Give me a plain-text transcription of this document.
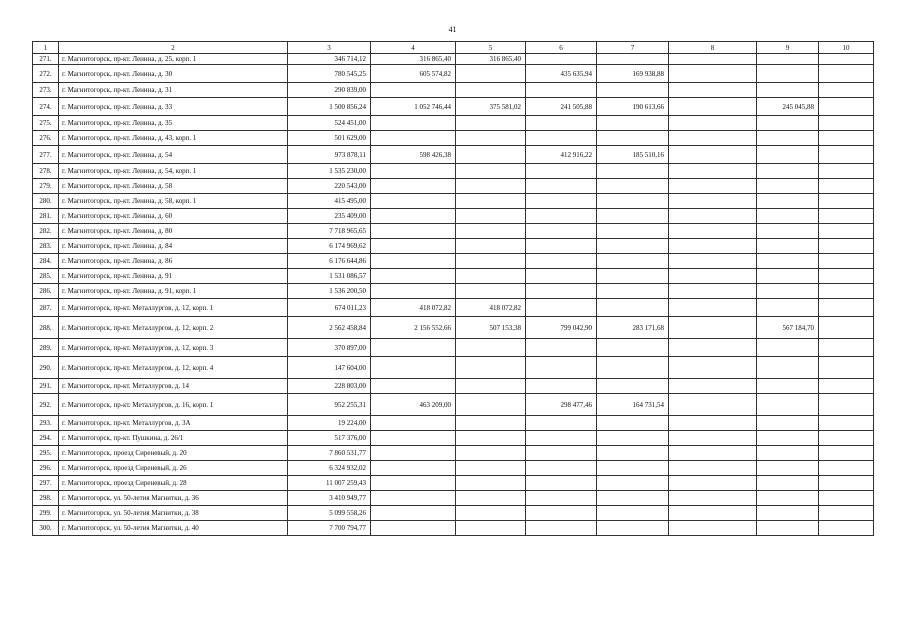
41
1	2	3	4	5	6	7	8	9	10
271.	г. Магнитогорск, пр-кт. Ленина, д. 25, корп. 1	346 714,12	316 865,40	316 865,40					
272.	г. Магнитогорск, пр-кт. Ленина, д. 30	780 545,25	605 574,82		435 635,94	169 938,88			
273.	г. Магнитогорск, пр-кт. Ленина, д. 31	290 839,00							
274.	г. Магнитогорск, пр-кт. Ленина, д. 33	1 500 856,24	1 052 746,44	375 581,02	241 505,88	190 613,66		245 045,88	
275.	г. Магнитогорск, пр-кт. Ленина, д. 35	524 451,00							
276.	г. Магнитогорск, пр-кт. Ленина, д. 43, корп. 1	501 629,00							
277.	г. Магнитогорск, пр-кт. Ленина, д. 54	973 878,11	598 426,38		412 916,22	185 510,16			
278.	г. Магнитогорск, пр-кт. Ленина, д. 54, корп. 1	1 535 230,00							
279.	г. Магнитогорск, пр-кт. Ленина, д. 58	220 543,00							
280.	г. Магнитогорск, пр-кт. Ленина, д. 58, корп. 1	415 495,00							
281.	г. Магнитогорск, пр-кт. Ленина, д. 60	235 409,00							
282.	г. Магнитогорск, пр-кт. Ленина, д. 80	7 718 965,65							
283.	г. Магнитогорск, пр-кт. Ленина, д. 84	6 174 969,62							
284.	г. Магнитогорск, пр-кт. Ленина, д. 86	6 176 644,86							
285.	г. Магнитогорск, пр-кт. Ленина, д. 91	1 531 086,57							
286.	г. Магнитогорск, пр-кт. Ленина, д. 91, корп. 1	1 536 200,50							
287.	г. Магнитогорск, пр-кт. Металлургов, д. 12, корп. 1	674 011,23	418 072,82	418 072,82					
288.	г. Магнитогорск, пр-кт. Металлургов, д. 12, корп. 2	2 562 458,84	2 156 552,66	507 153,38	799 042,90	283 171,68		567 184,70	
289.	г. Магнитогорск, пр-кт. Металлургов, д. 12, корп. 3	370 897,00							
290.	г. Магнитогорск, пр-кт. Металлургов, д. 12, корп. 4	147 604,00							
291.	г. Магнитогорск, пр-кт. Металлургов, д. 14	228 803,00							
292.	г. Магнитогорск, пр-кт. Металлургов, д. 16, корп. 1	952 255,31	463 209,00		298 477,46	164 731,54			
293.	г. Магнитогорск, пр-кт. Металлургов, д. 3А	19 224,00							
294.	г. Магнитогорск, пр-кт. Пушкина, д. 26/1	517 376,00							
295.	г. Магнитогорск, проезд Сиреневый, д. 20	7 860 531,77							
296.	г. Магнитогорск, проезд Сиреневый, д. 26	6 324 932,02							
297.	г. Магнитогорск, проезд Сиреневый, д. 28	11 007 259,43							
298.	г. Магнитогорск, ул. 50-летия Магнитки, д. 36	3 410 949,77							
299.	г. Магнитогорск, ул. 50-летия Магнитки, д. 38	5 099 558,26							
300.	г. Магнитогорск, ул. 50-летия Магнитки, д. 40	7 700 794,77							
